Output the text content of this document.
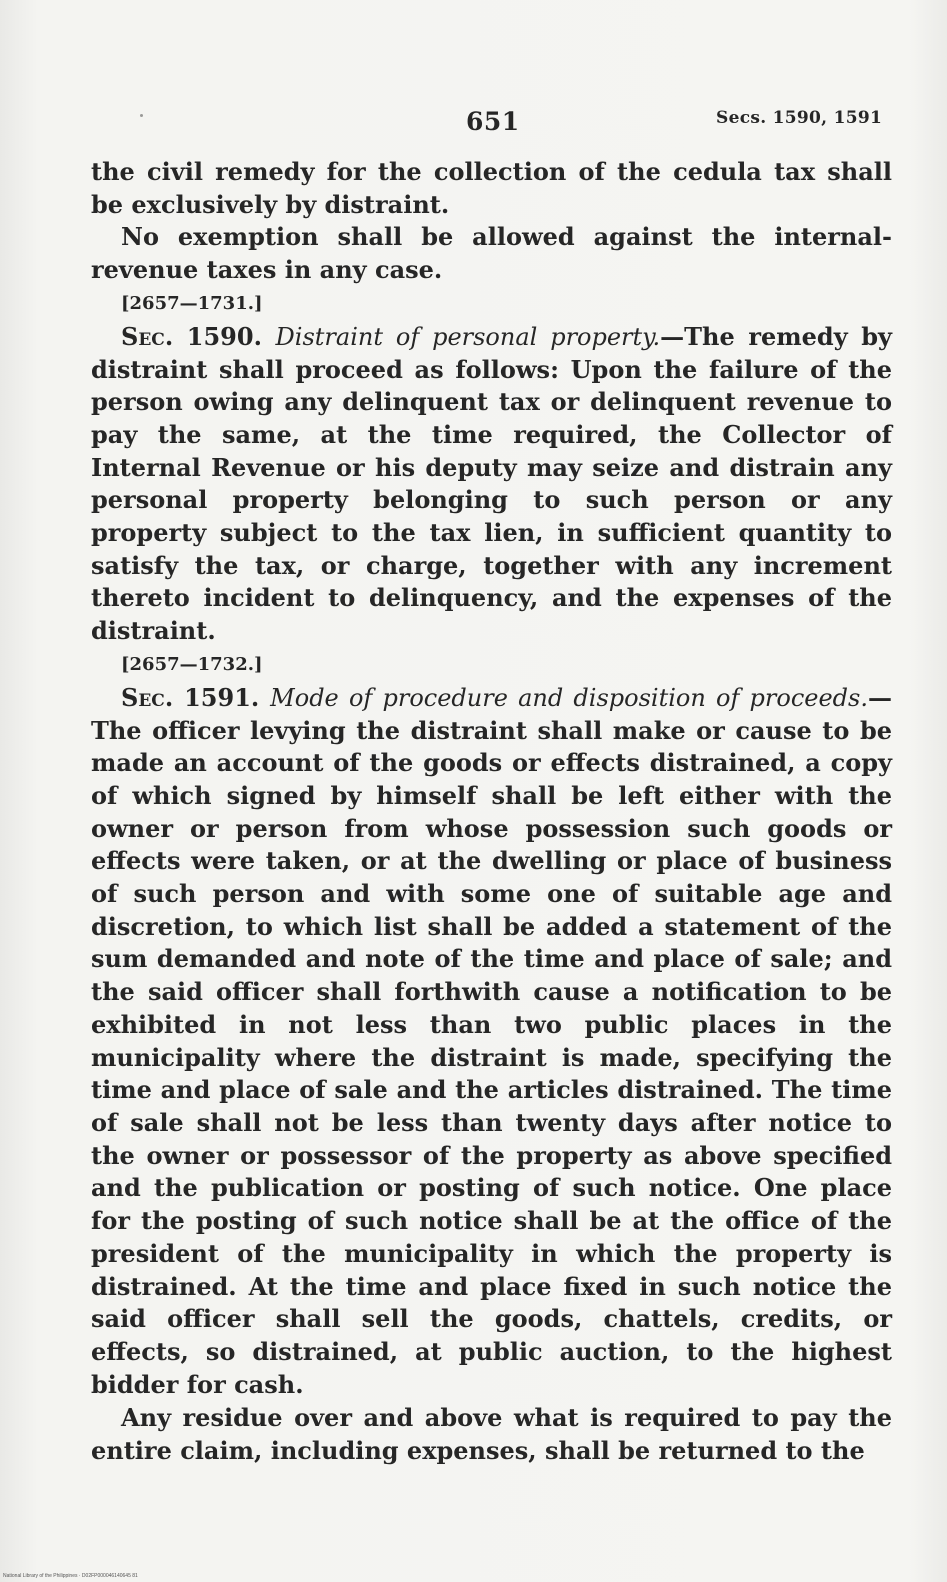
651	Secs. 1590, 1591

the civil remedy for the collection of the cedula tax shall be exclusively by distraint.

No exemption shall be allowed against the internal-revenue taxes in any case.

[2657—1731.]

Sec. 1590. Distraint of personal property.—The remedy by distraint shall proceed as follows: Upon the failure of the person owing any delinquent tax or delinquent revenue to pay the same, at the time required, the Collector of Internal Revenue or his deputy may seize and distrain any personal property belonging to such person or any property subject to the tax lien, in sufficient quantity to satisfy the tax, or charge, together with any increment thereto incident to delinquency, and the expenses of the distraint.

[2657—1732.]

Sec. 1591. Mode of procedure and disposition of proceeds.—The officer levying the distraint shall make or cause to be made an account of the goods or effects distrained, a copy of which signed by himself shall be left either with the owner or person from whose possession such goods or effects were taken, or at the dwelling or place of business of such person and with some one of suitable age and discretion, to which list shall be added a statement of the sum demanded and note of the time and place of sale; and the said officer shall forthwith cause a notification to be exhibited in not less than two public places in the municipality where the distraint is made, specifying the time and place of sale and the articles distrained. The time of sale shall not be less than twenty days after notice to the owner or possessor of the property as above specified and the publication or posting of such notice. One place for the posting of such notice shall be at the office of the president of the municipality in which the property is distrained. At the time and place fixed in such notice the said officer shall sell the goods, chattels, credits, or effects, so distrained, at public auction, to the highest bidder for cash.

Any residue over and above what is required to pay the entire claim, including expenses, shall be returned to the

National Library of the Philippines · D02FP000046140645 81
